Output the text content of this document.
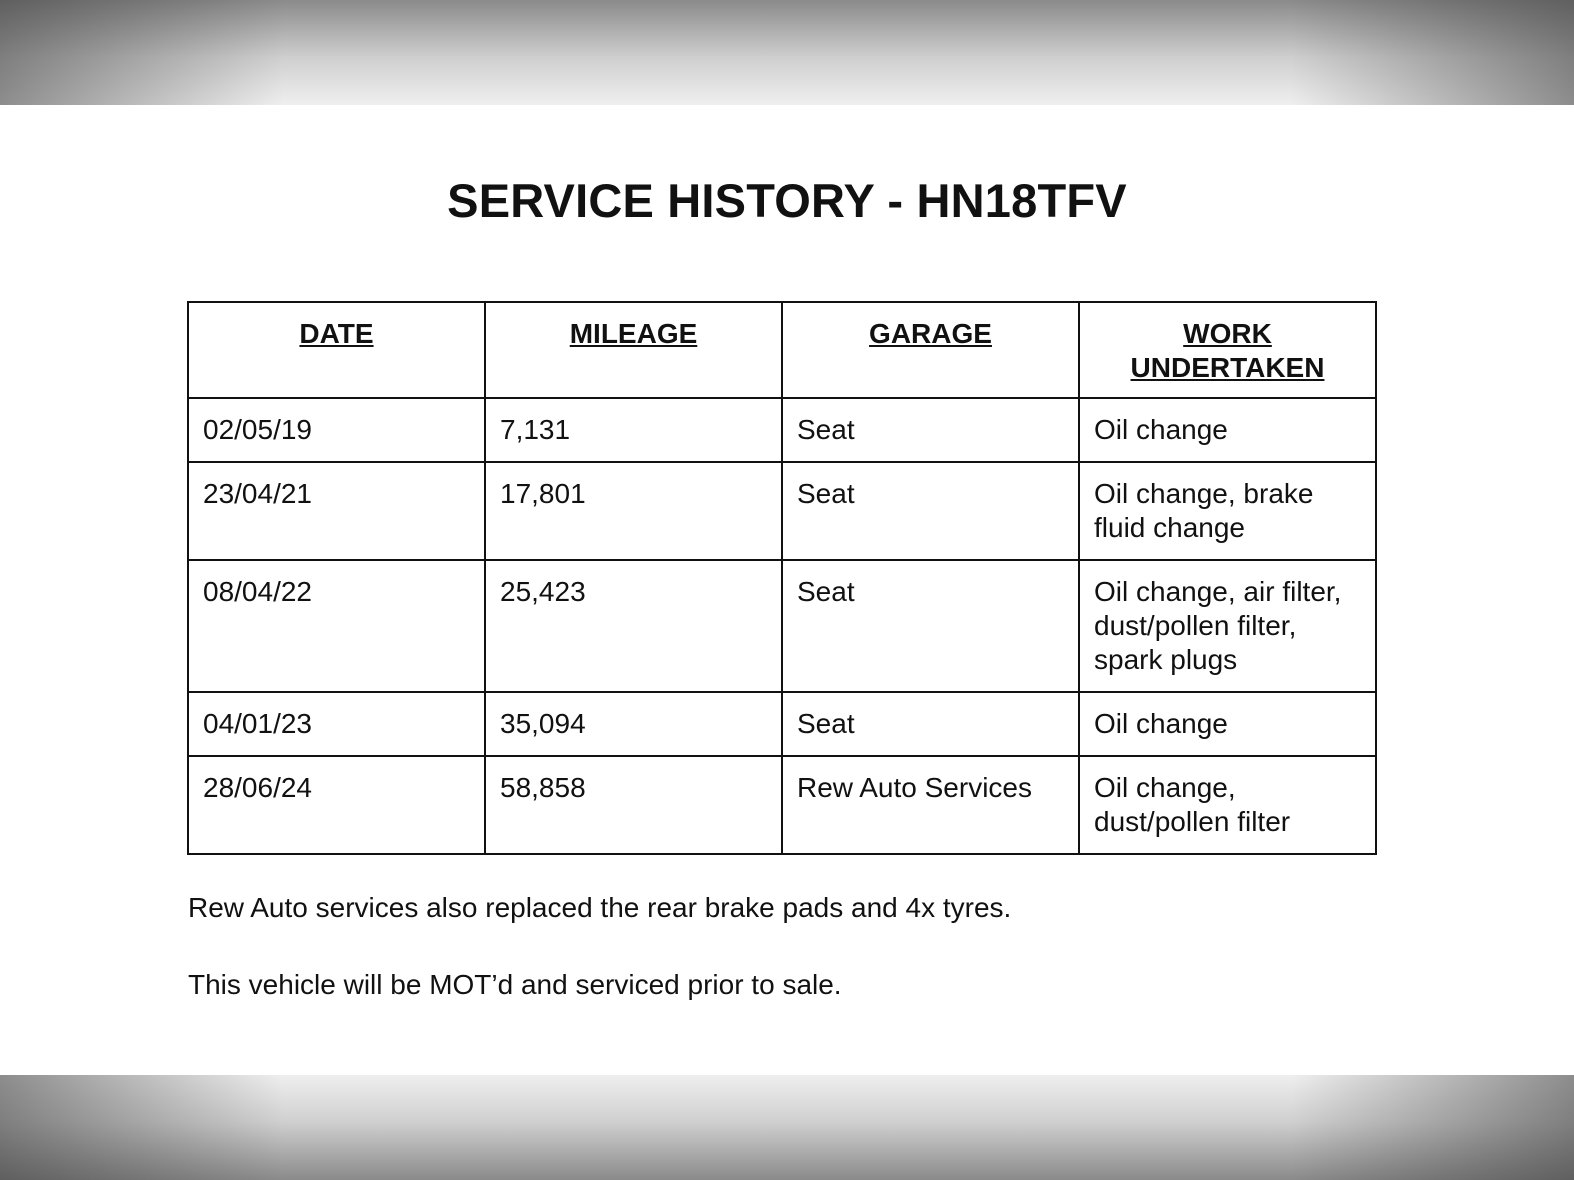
SERVICE HISTORY - HN18TFV
DATE	MILEAGE	GARAGE	WORK UNDERTAKEN
02/05/19	7,131	Seat	Oil change
23/04/21	17,801	Seat	Oil change, brake fluid change
08/04/22	25,423	Seat	Oil change, air filter, dust/pollen filter, spark plugs
04/01/23	35,094	Seat	Oil change
28/06/24	58,858	Rew Auto Services	Oil change, dust/pollen filter
Rew Auto services also replaced the rear brake pads and 4x tyres.
This vehicle will be MOT’d and serviced prior to sale.
